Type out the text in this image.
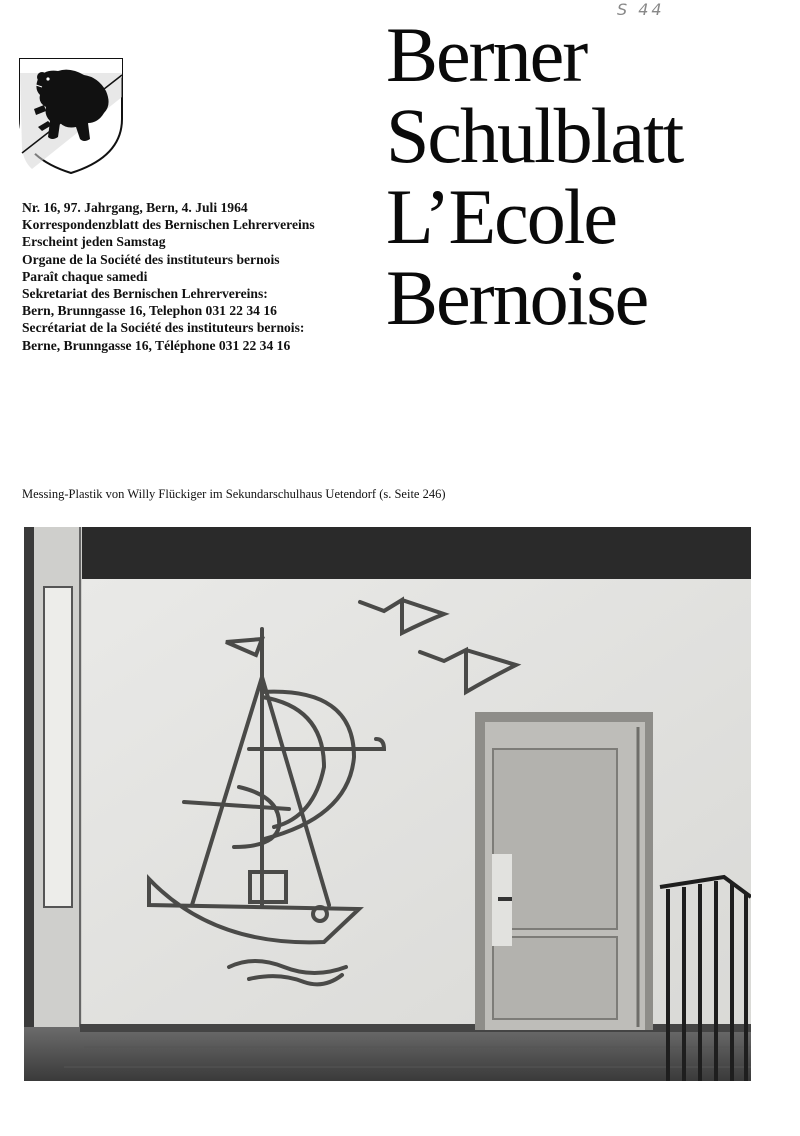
S 44
Berner
Schulblatt
L’Ecole
Bernoise
Nr. 16, 97. Jahrgang, Bern, 4. Juli 1964
Korrespondenzblatt des Bernischen Lehrervereins
Erscheint jeden Samstag
Organe de la Société des instituteurs bernois
Paraît chaque samedi
Sekretariat des Bernischen Lehrervereins:
Bern, Brunngasse 16, Telephon 031 22 34 16
Secrétariat de la Société des instituteurs bernois:
Berne, Brunngasse 16, Téléphone 031 22 34 16
Messing-Plastik von Willy Flückiger im Sekundarschulhaus Uetendorf (s. Seite 246)
